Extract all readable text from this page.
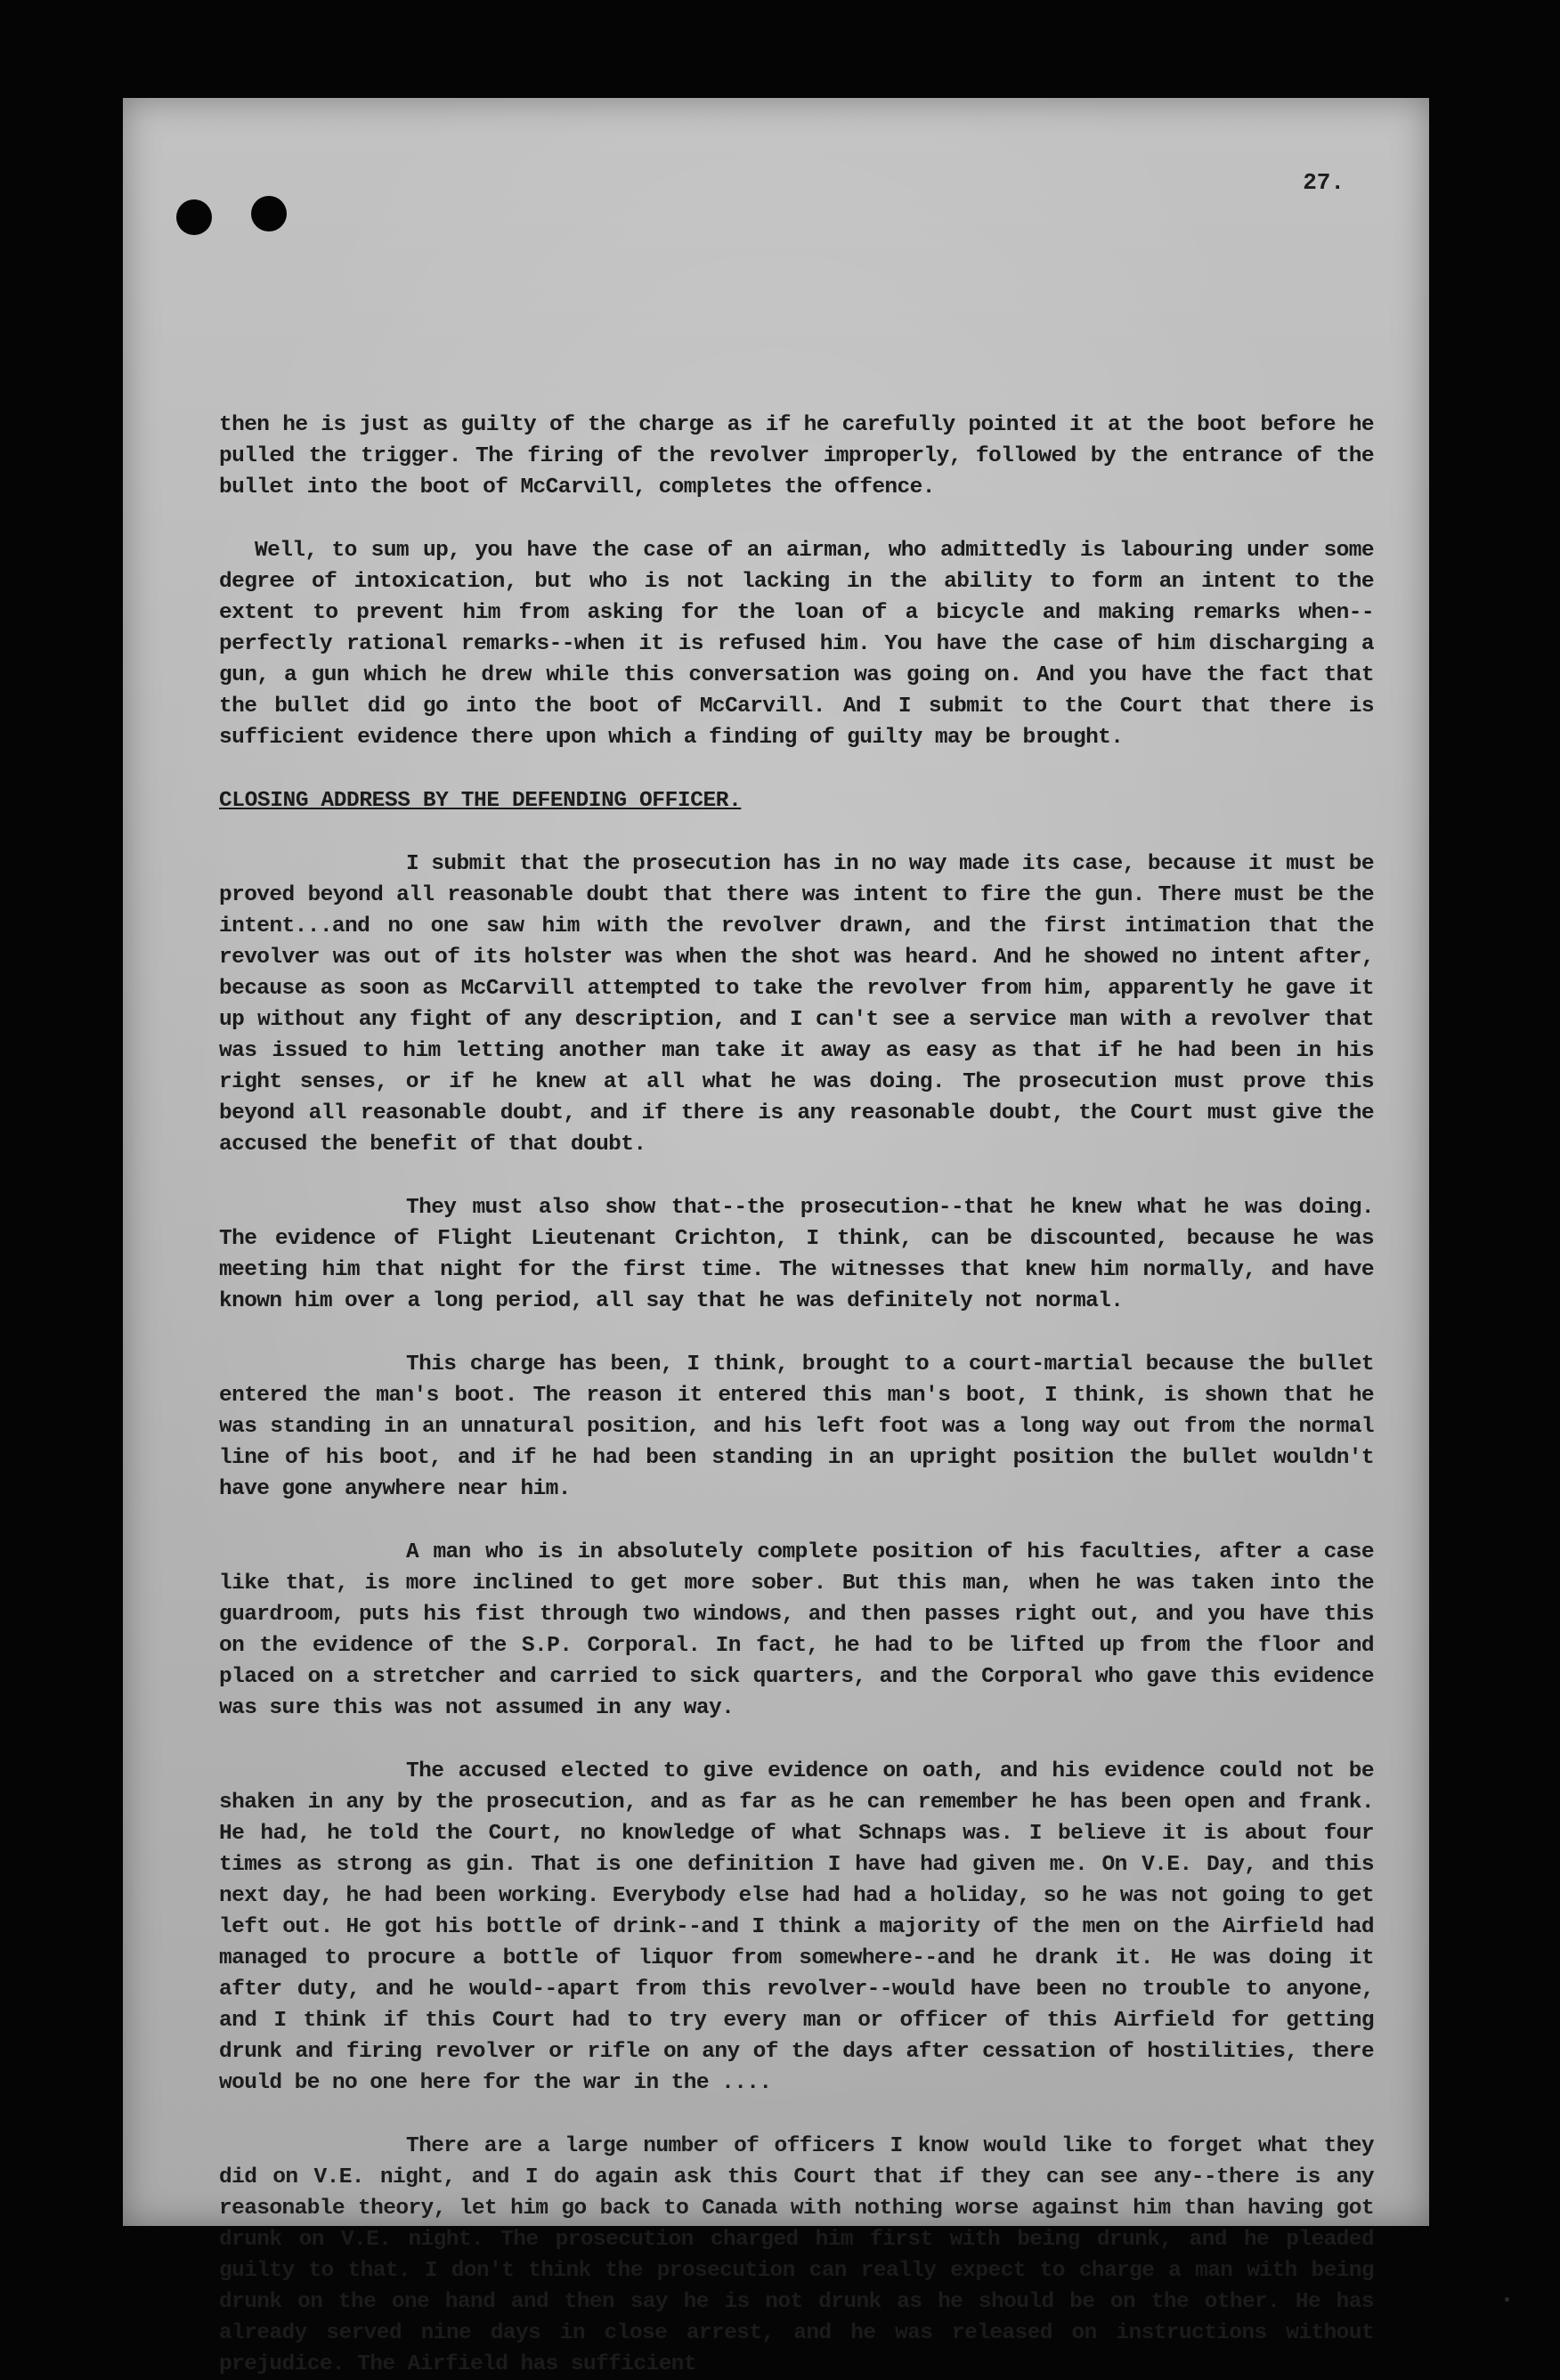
27.

then he is just as guilty of the charge as if he carefully pointed it at the boot before he pulled the trigger. The firing of the revolver improperly, followed by the entrance of the bullet into the boot of McCarvill, completes the offence.

Well, to sum up, you have the case of an airman, who admittedly is labouring under some degree of intoxication, but who is not lacking in the ability to form an intent to the extent to prevent him from asking for the loan of a bicycle and making remarks when--perfectly rational remarks--when it is refused him. You have the case of him discharging a gun, a gun which he drew while this conversation was going on. And you have the fact that the bullet did go into the boot of McCarvill. And I submit to the Court that there is sufficient evidence there upon which a finding of guilty may be brought.

CLOSING ADDRESS BY THE DEFENDING OFFICER.

I submit that the prosecution has in no way made its case, because it must be proved beyond all reasonable doubt that there was intent to fire the gun. There must be the intent...and no one saw him with the revolver drawn, and the first intimation that the revolver was out of its holster was when the shot was heard. And he showed no intent after, because as soon as McCarvill attempted to take the revolver from him, apparently he gave it up without any fight of any description, and I can't see a service man with a revolver that was issued to him letting another man take it away as easy as that if he had been in his right senses, or if he knew at all what he was doing. The prosecution must prove this beyond all reasonable doubt, and if there is any reasonable doubt, the Court must give the accused the benefit of that doubt.

They must also show that--the prosecution--that he knew what he was doing. The evidence of Flight Lieutenant Crichton, I think, can be discounted, because he was meeting him that night for the first time. The witnesses that knew him normally, and have known him over a long period, all say that he was definitely not normal.

This charge has been, I think, brought to a court-martial because the bullet entered the man's boot. The reason it entered this man's boot, I think, is shown that he was standing in an unnatural position, and his left foot was a long way out from the normal line of his boot, and if he had been standing in an upright position the bullet wouldn't have gone anywhere near him.

A man who is in absolutely complete position of his faculties, after a case like that, is more inclined to get more sober. But this man, when he was taken into the guardroom, puts his fist through two windows, and then passes right out, and you have this on the evidence of the S.P. Corporal. In fact, he had to be lifted up from the floor and placed on a stretcher and carried to sick quarters, and the Corporal who gave this evidence was sure this was not assumed in any way.

The accused elected to give evidence on oath, and his evidence could not be shaken in any by the prosecution, and as far as he can remember he has been open and frank. He had, he told the Court, no knowledge of what Schnaps was. I believe it is about four times as strong as gin. That is one definition I have had given me. On V.E. Day, and this next day, he had been working. Everybody else had had a holiday, so he was not going to get left out. He got his bottle of drink--and I think a majority of the men on the Airfield had managed to procure a bottle of liquor from somewhere--and he drank it. He was doing it after duty, and he would--apart from this revolver--would have been no trouble to anyone, and I think if this Court had to try every man or officer of this Airfield for getting drunk and firing revolver or rifle on any of the days after cessation of hostilities, there would be no one here for the war in the ....

There are a large number of officers I know would like to forget what they did on V.E. night, and I do again ask this Court that if they can see any--there is any reasonable theory, let him go back to Canada with nothing worse against him than having got drunk on V.E. night. The prosecution charged him first with being drunk, and he pleaded guilty to that. I don't think the prosecution can really expect to charge a man with being drunk on the one hand and then say he is not drunk as he should be on the other. He has already served nine days in close arrest, and he was released on instructions without prejudice. The Airfield has sufficient
